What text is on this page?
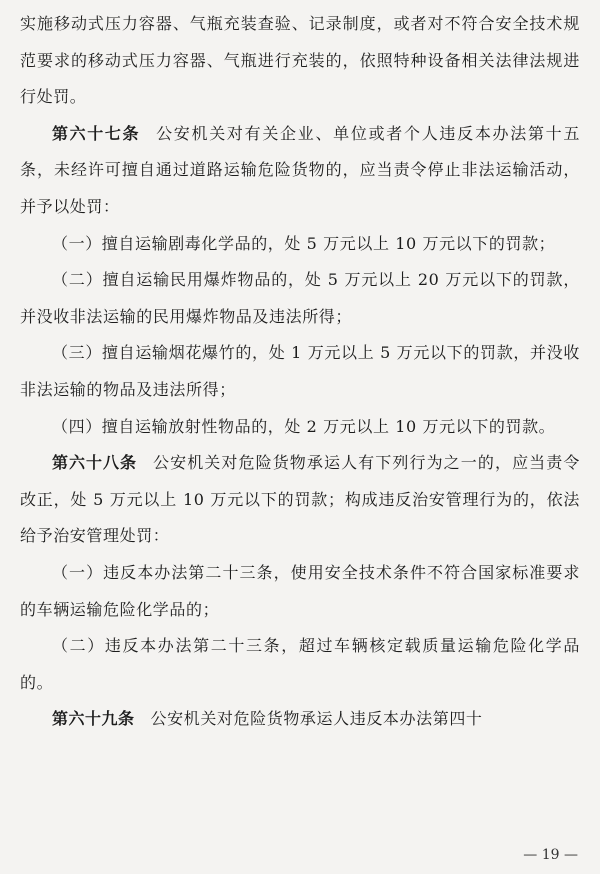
实施移动式压力容器、气瓶充装查验、记录制度，或者对不符合安全技术规范要求的移动式压力容器、气瓶进行充装的，依照特种设备相关法律法规进行处罚。

第六十七条 公安机关对有关企业、单位或者个人违反本办法第十五条，未经许可擅自通过道路运输危险货物的，应当责令停止非法运输活动，并予以处罚：

（一）擅自运输剧毒化学品的，处 5 万元以上 10 万元以下的罚款；

（二）擅自运输民用爆炸物品的，处 5 万元以上 20 万元以下的罚款，并没收非法运输的民用爆炸物品及违法所得；

（三）擅自运输烟花爆竹的，处 1 万元以上 5 万元以下的罚款，并没收非法运输的物品及违法所得；

（四）擅自运输放射性物品的，处 2 万元以上 10 万元以下的罚款。

第六十八条 公安机关对危险货物承运人有下列行为之一的，应当责令改正，处 5 万元以上 10 万元以下的罚款；构成违反治安管理行为的，依法给予治安管理处罚：

（一）违反本办法第二十三条，使用安全技术条件不符合国家标准要求的车辆运输危险化学品的；

（二）违反本办法第二十三条，超过车辆核定载质量运输危险化学品的。

第六十九条 公安机关对危险货物承运人违反本办法第四十

— 19 —
